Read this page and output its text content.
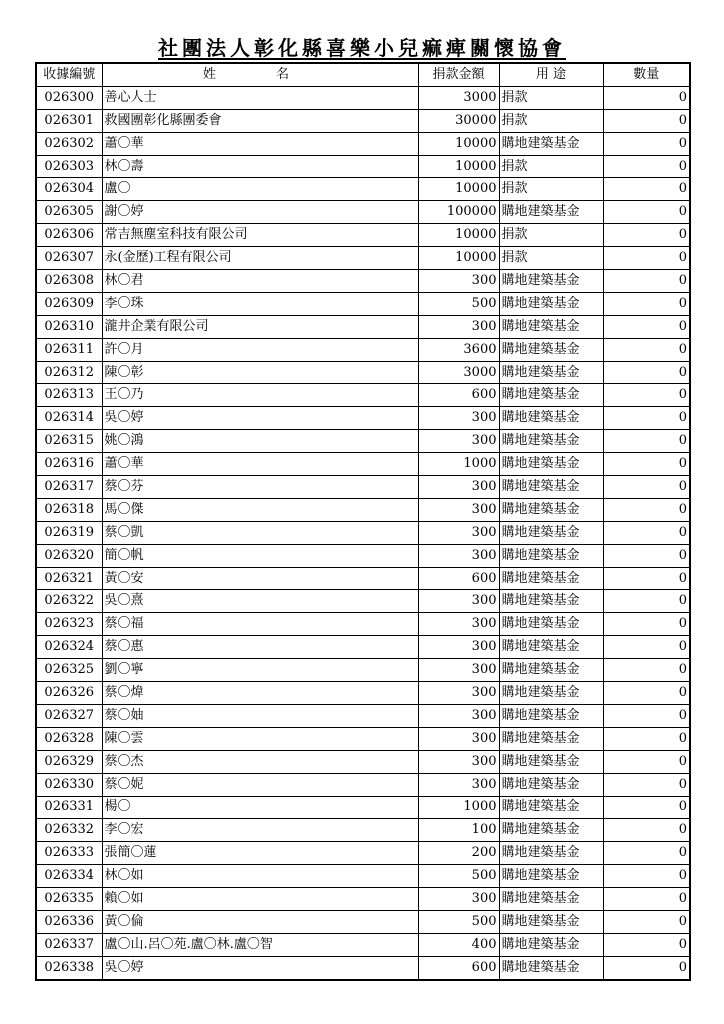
社團法人彰化縣喜樂小兒痲痺關懷協會
收據編號	姓 名	捐款金額	用 途	數量
026300	善心人士	3000	捐款	0
026301	救國團彰化縣團委會	30000	捐款	0
026302	蕭〇華	10000	購地建築基金	0
026303	林〇壽	10000	捐款	0
026304	盧〇	10000	捐款	0
026305	謝〇婷	100000	購地建築基金	0
026306	常吉無塵室科技有限公司	10000	捐款	0
026307	永(金歷)工程有限公司	10000	捐款	0
026308	林〇君	300	購地建築基金	0
026309	李〇珠	500	購地建築基金	0
026310	瀧井企業有限公司	300	購地建築基金	0
026311	許〇月	3600	購地建築基金	0
026312	陳〇彰	3000	購地建築基金	0
026313	王〇乃	600	購地建築基金	0
026314	吳〇婷	300	購地建築基金	0
026315	姚〇鴻	300	購地建築基金	0
026316	蕭〇華	1000	購地建築基金	0
026317	蔡〇芬	300	購地建築基金	0
026318	馬〇傑	300	購地建築基金	0
026319	蔡〇凱	300	購地建築基金	0
026320	簡〇帆	300	購地建築基金	0
026321	黃〇安	600	購地建築基金	0
026322	吳〇熹	300	購地建築基金	0
026323	蔡〇福	300	購地建築基金	0
026324	蔡〇惠	300	購地建築基金	0
026325	劉〇寧	300	購地建築基金	0
026326	蔡〇煒	300	購地建築基金	0
026327	蔡〇妯	300	購地建築基金	0
026328	陳〇雲	300	購地建築基金	0
026329	蔡〇杰	300	購地建築基金	0
026330	蔡〇妮	300	購地建築基金	0
026331	楊〇	1000	購地建築基金	0
026332	李〇宏	100	購地建築基金	0
026333	張簡〇蓮	200	購地建築基金	0
026334	林〇如	500	購地建築基金	0
026335	賴〇如	300	購地建築基金	0
026336	黃〇倫	500	購地建築基金	0
026337	盧〇山.呂〇苑.盧〇林.盧〇智	400	購地建築基金	0
026338	吳〇婷	600	購地建築基金	0
